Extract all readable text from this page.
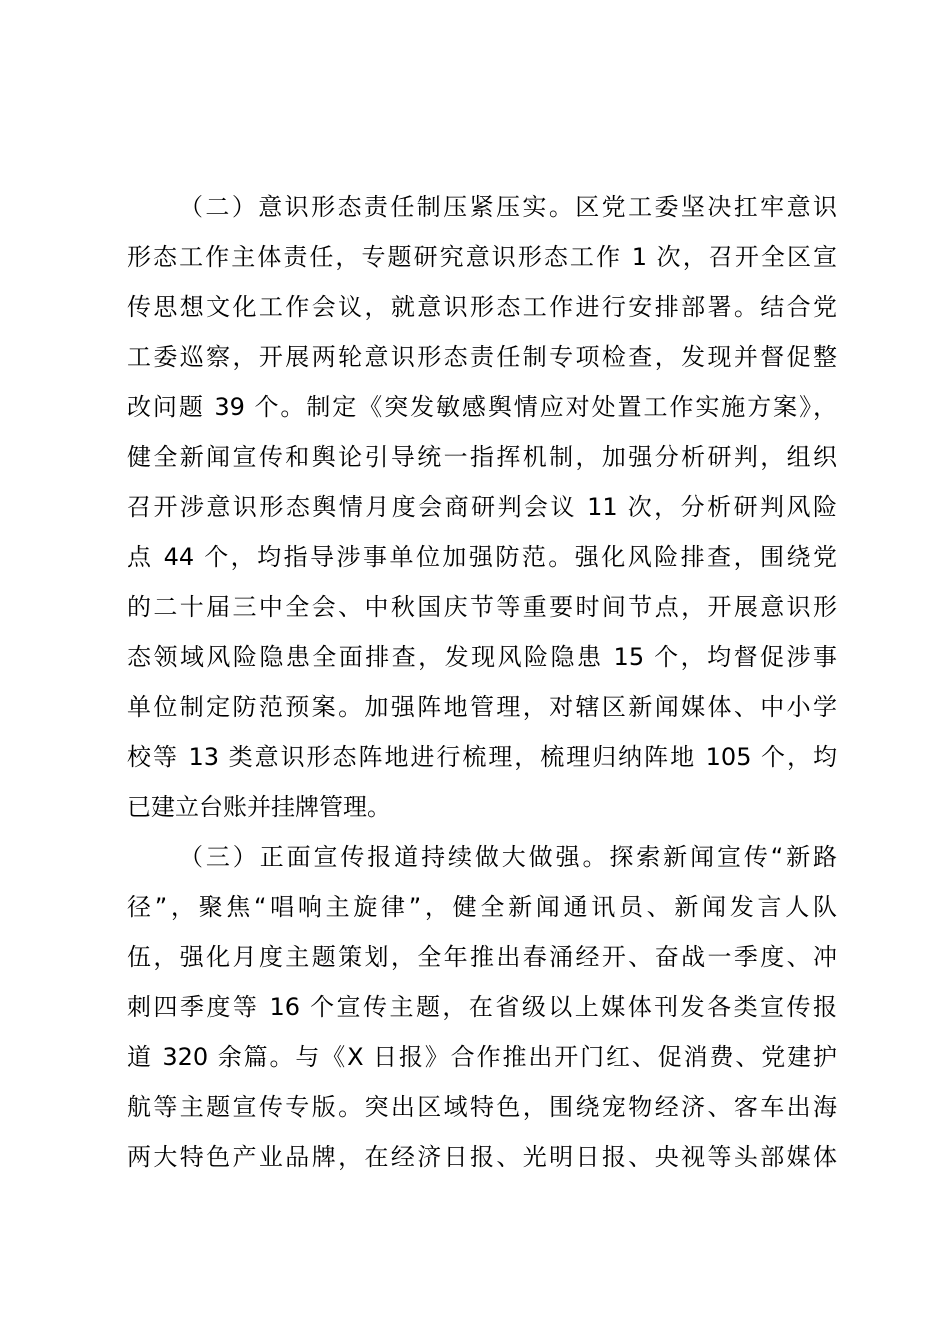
（二）意识形态责任制压紧压实。区党工委坚决扛牢意识
形态工作主体责任，专题研究意识形态工作 1 次，召开全区宣
传思想文化工作会议，就意识形态工作进行安排部署。结合党
工委巡察，开展两轮意识形态责任制专项检查，发现并督促整
改问题 39 个。制定《突发敏感舆情应对处置工作实施方案》，
健全新闻宣传和舆论引导统一指挥机制，加强分析研判，组织
召开涉意识形态舆情月度会商研判会议 11 次，分析研判风险
点 44 个，均指导涉事单位加强防范。强化风险排查，围绕党
的二十届三中全会、中秋国庆节等重要时间节点，开展意识形
态领域风险隐患全面排查，发现风险隐患 15 个，均督促涉事
单位制定防范预案。加强阵地管理，对辖区新闻媒体、中小学
校等 13 类意识形态阵地进行梳理，梳理归纳阵地 105 个，均
已建立台账并挂牌管理。
（三）正面宣传报道持续做大做强。探索新闻宣传“新路
径”，聚焦“唱响主旋律”，健全新闻通讯员、新闻发言人队
伍，强化月度主题策划，全年推出春涌经开、奋战一季度、冲
刺四季度等 16 个宣传主题，在省级以上媒体刊发各类宣传报
道 320 余篇。与《X 日报》合作推出开门红、促消费、党建护
航等主题宣传专版。突出区域特色，围绕宠物经济、客车出海
两大特色产业品牌，在经济日报、光明日报、央视等头部媒体
